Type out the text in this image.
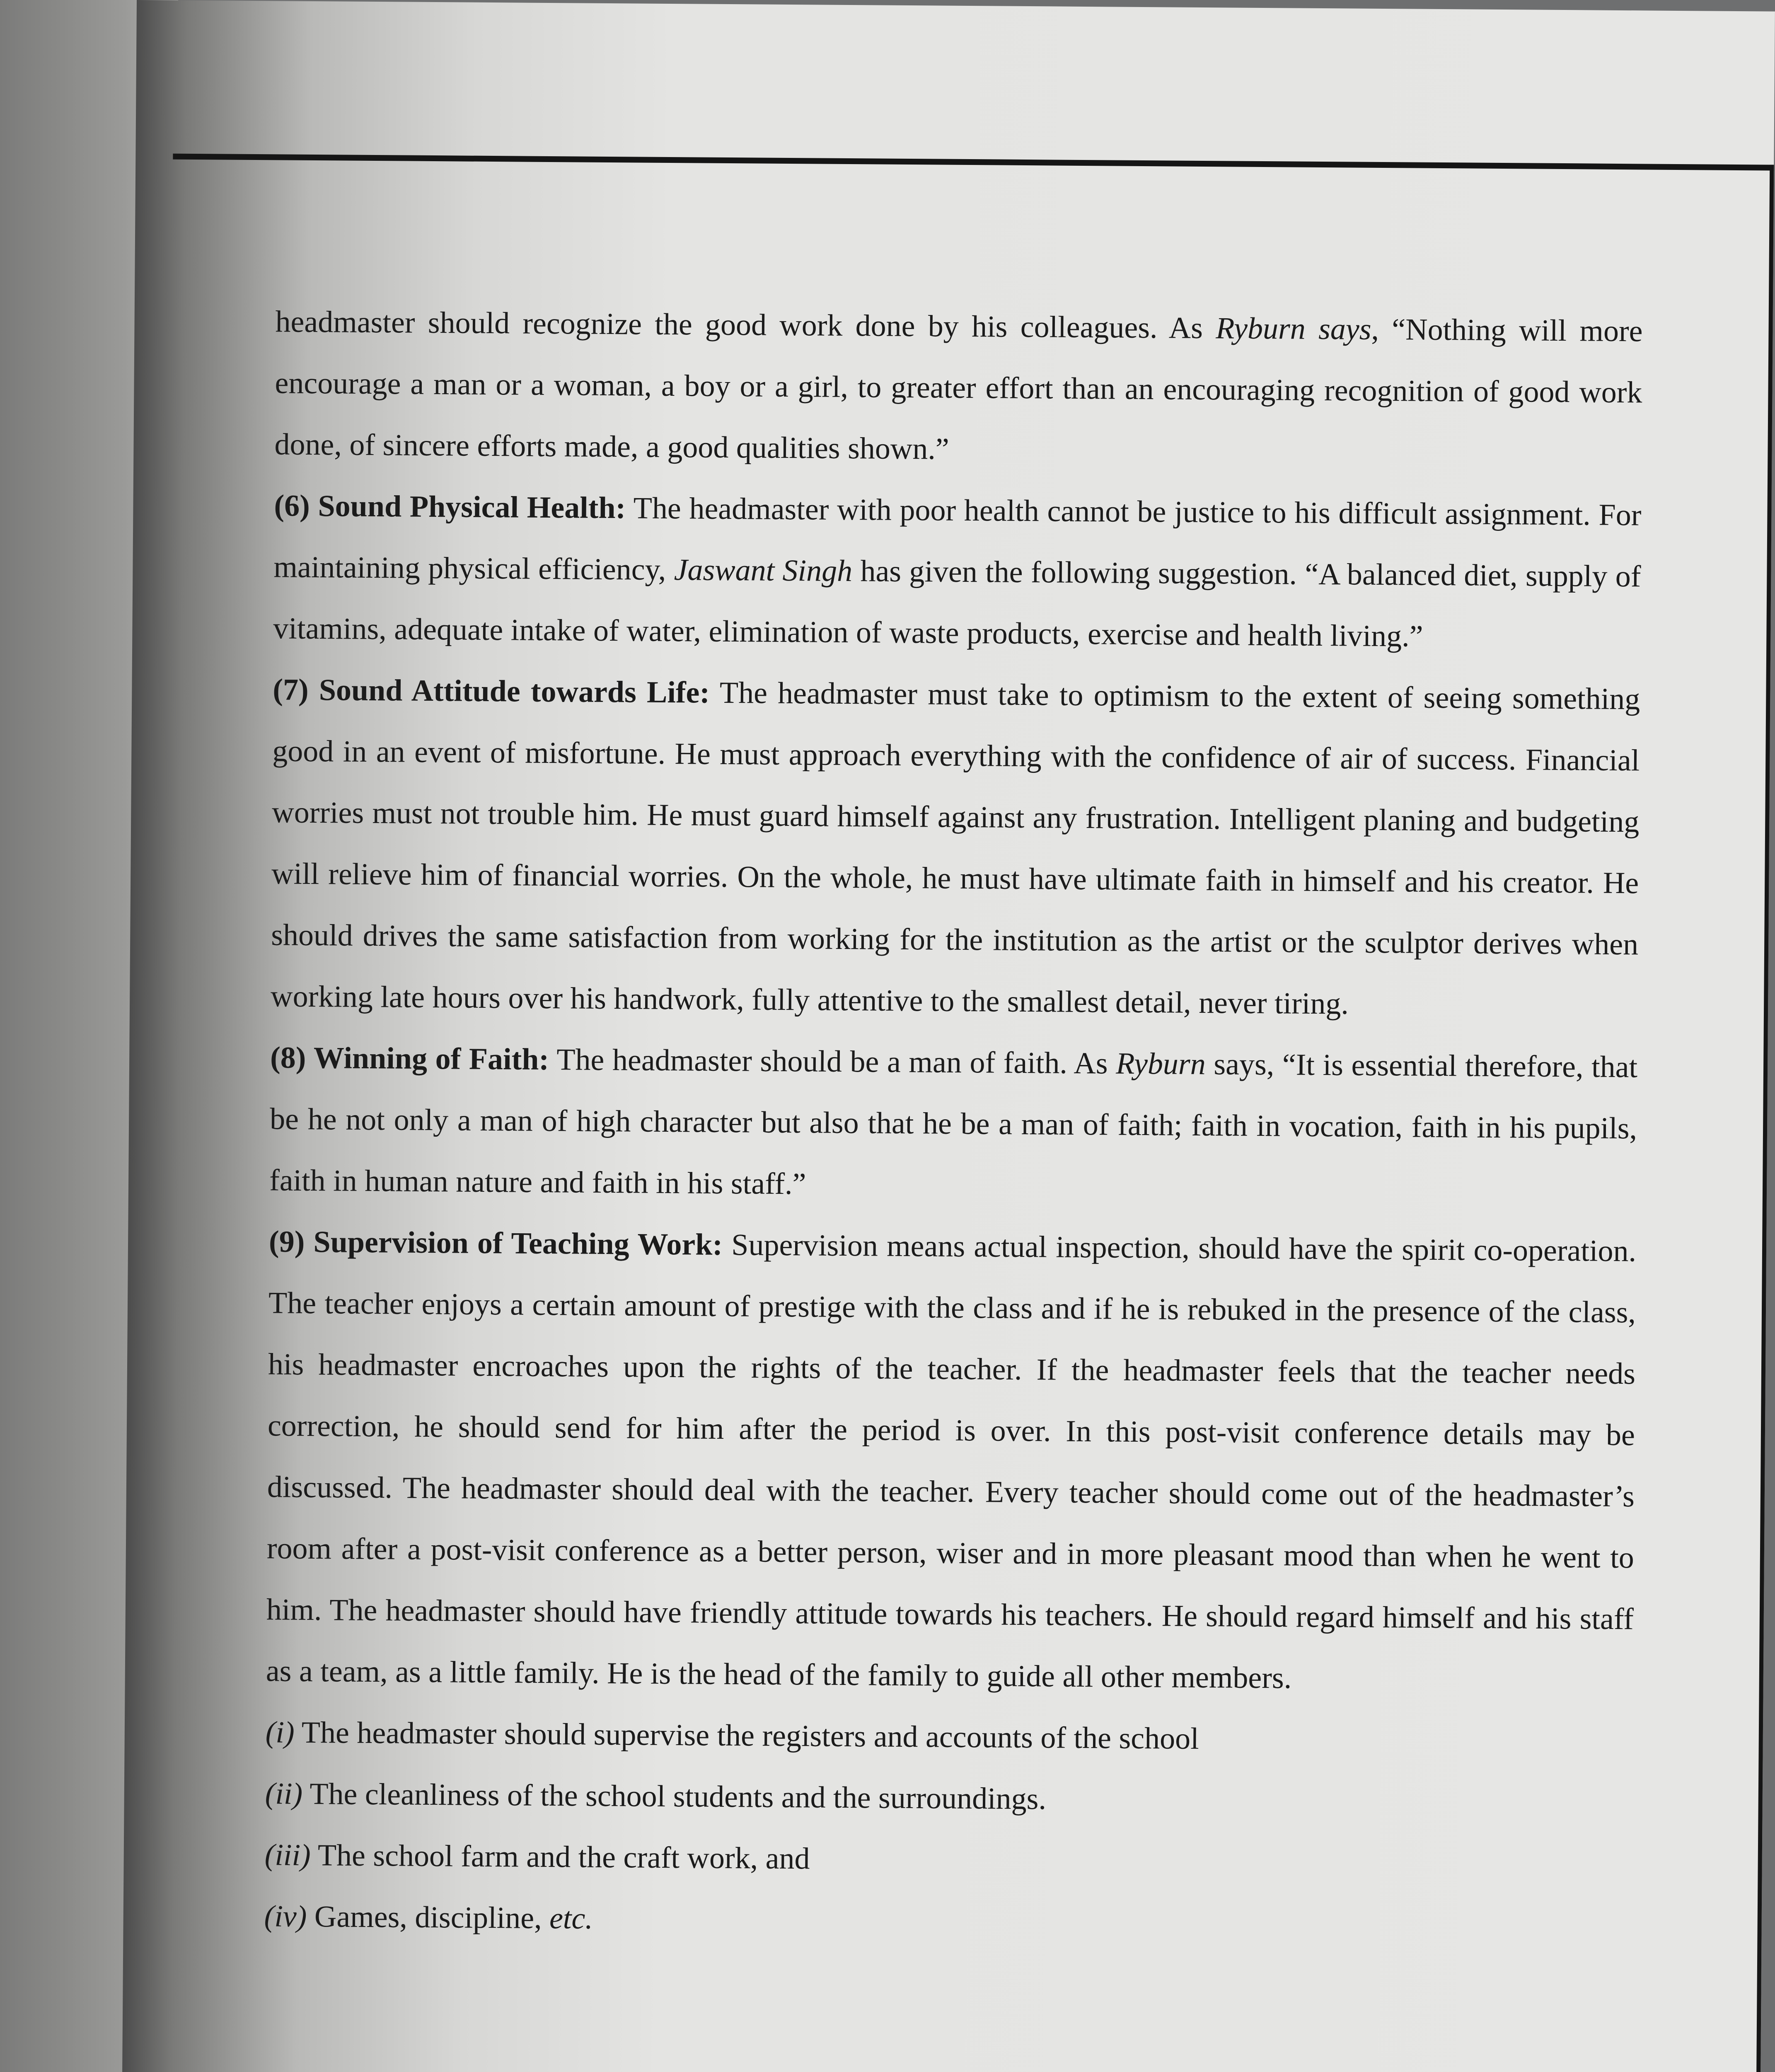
headmaster should recognize the good work done by his colleagues. As Ryburn says, “Nothing will more encourage a man or a woman, a boy or a girl, to greater effort than an encouraging recognition of good work done, of sincere efforts made, a good qualities shown.”

(6) Sound Physical Health: The headmaster with poor health cannot be justice to his difficult assignment. For maintaining physical efficiency, Jaswant Singh has given the following suggestion. “A balanced diet, supply of vitamins, adequate intake of water, elimination of waste products, exercise and health living.”

(7) Sound Attitude towards Life: The headmaster must take to optimism to the extent of seeing something good in an event of misfortune. He must approach everything with the confidence of air of success. Financial worries must not trouble him. He must guard himself against any frustration. Intelligent planing and budgeting will relieve him of financial worries. On the whole, he must have ultimate faith in himself and his creator. He should drives the same satisfaction from working for the institution as the artist or the sculptor derives when working late hours over his handwork, fully attentive to the smallest detail, never tiring.

(8) Winning of Faith: The headmaster should be a man of faith. As Ryburn says, “It is essential therefore, that be he not only a man of high character but also that he be a man of faith; faith in vocation, faith in his pupils, faith in human nature and faith in his staff.”

(9) Supervision of Teaching Work: Supervision means actual inspection, should have the spirit co-operation. The teacher enjoys a certain amount of prestige with the class and if he is rebuked in the presence of the class, his headmaster encroaches upon the rights of the teacher. If the headmaster feels that the teacher needs correction, he should send for him after the period is over. In this post-visit conference details may be discussed. The headmaster should deal with the teacher. Every teacher should come out of the headmaster’s room after a post-visit conference as a better person, wiser and in more pleasant mood than when he went to him. The headmaster should have friendly attitude towards his teachers. He should regard himself and his staff as a team, as a little family. He is the head of the family to guide all other members.

(i) The headmaster should supervise the registers and accounts of the school

(ii) The cleanliness of the school students and the surroundings.

(iii) The school farm and the craft work, and

(iv) Games, discipline, etc.
